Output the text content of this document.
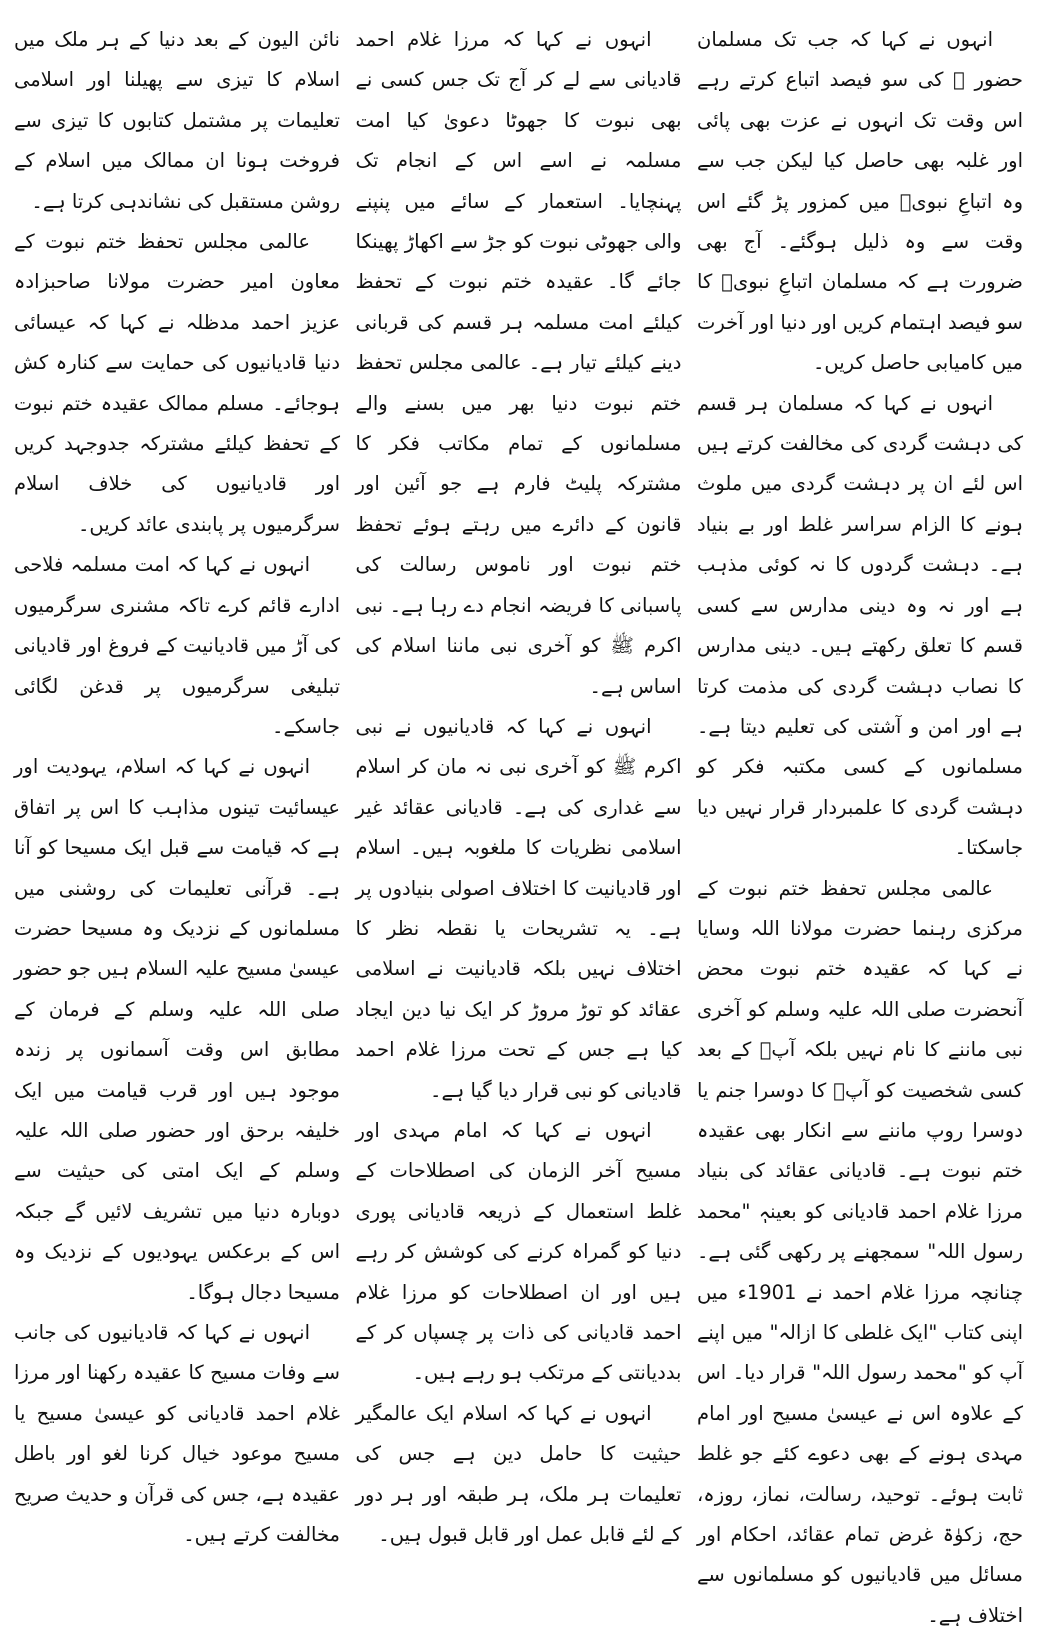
انہوں نے کہا کہ جب تک مسلمان حضور ﷺ کی سو فیصد اتباع کرتے رہے اس وقت تک انہوں نے عزت بھی پائی اور غلبہ بھی حاصل کیا لیکن جب سے وہ اتباعِ نبویؐ میں کمزور پڑ گئے اس وقت سے وہ ذلیل ہوگئے۔ آج بھی ضرورت ہے کہ مسلمان اتباعِ نبویؐ کا سو فیصد اہتمام کریں اور دنیا اور آخرت میں کامیابی حاصل کریں۔

انہوں نے کہا کہ مسلمان ہر قسم کی دہشت گردی کی مخالفت کرتے ہیں اس لئے ان پر دہشت گردی میں ملوث ہونے کا الزام سراسر غلط اور بے بنیاد ہے۔ دہشت گردوں کا نہ کوئی مذہب ہے اور نہ وہ دینی مدارس سے کسی قسم کا تعلق رکھتے ہیں۔ دینی مدارس کا نصاب دہشت گردی کی مذمت کرتا ہے اور امن و آشتی کی تعلیم دیتا ہے۔ مسلمانوں کے کسی مکتبہ فکر کو دہشت گردی کا علمبردار قرار نہیں دیا جاسکتا۔

عالمی مجلس تحفظ ختم نبوت کے مرکزی رہنما حضرت مولانا اللہ وسایا نے کہا کہ عقیدہ ختم نبوت محض آنحضرت صلی اللہ علیہ وسلم کو آخری نبی ماننے کا نام نہیں بلکہ آپؐ کے بعد کسی شخصیت کو آپؐ کا دوسرا جنم یا دوسرا روپ ماننے سے انکار بھی عقیدہ ختم نبوت ہے۔ قادیانی عقائد کی بنیاد مرزا غلام احمد قادیانی کو بعینہٖ "محمد رسول اللہ" سمجھنے پر رکھی گئی ہے۔ چنانچہ مرزا غلام احمد نے 1901ء میں اپنی کتاب "ایک غلطی کا ازالہ" میں اپنے آپ کو "محمد رسول اللہ" قرار دیا۔ اس کے علاوہ اس نے عیسیٰ مسیح اور امام مہدی ہونے کے بھی دعوے کئے جو غلط ثابت ہوئے۔ توحید، رسالت، نماز، روزہ، حج، زکوٰۃ غرض تمام عقائد، احکام اور مسائل میں قادیانیوں کو مسلمانوں سے اختلاف ہے۔

انہوں نے کہا کہ مرزا غلام احمد قادیانی سے لے کر آج تک جس کسی نے بھی نبوت کا جھوٹا دعویٰ کیا امت مسلمہ نے اسے اس کے انجام تک پہنچایا۔ استعمار کے سائے میں پنپنے والی جھوٹی نبوت کو جڑ سے اکھاڑ پھینکا جائے گا۔ عقیدہ ختم نبوت کے تحفظ کیلئے امت مسلمہ ہر قسم کی قربانی دینے کیلئے تیار ہے۔ عالمی مجلس تحفظ ختم نبوت دنیا بھر میں بسنے والے مسلمانوں کے تمام مکاتب فکر کا مشترکہ پلیٹ فارم ہے جو آئین اور قانون کے دائرے میں رہتے ہوئے تحفظ ختم نبوت اور ناموس رسالت کی پاسبانی کا فریضہ انجام دے رہا ہے۔ نبی اکرم ﷺ کو آخری نبی ماننا اسلام کی اساس ہے۔

انہوں نے کہا کہ قادیانیوں نے نبی اکرم ﷺ کو آخری نبی نہ مان کر اسلام سے غداری کی ہے۔ قادیانی عقائد غیر اسلامی نظریات کا ملغوبہ ہیں۔ اسلام اور قادیانیت کا اختلاف اصولی بنیادوں پر ہے۔ یہ تشریحات یا نقطہ نظر کا اختلاف نہیں بلکہ قادیانیت نے اسلامی عقائد کو توڑ مروڑ کر ایک نیا دین ایجاد کیا ہے جس کے تحت مرزا غلام احمد قادیانی کو نبی قرار دیا گیا ہے۔

انہوں نے کہا کہ امام مہدی اور مسیح آخر الزمان کی اصطلاحات کے غلط استعمال کے ذریعہ قادیانی پوری دنیا کو گمراہ کرنے کی کوشش کر رہے ہیں اور ان اصطلاحات کو مرزا غلام احمد قادیانی کی ذات پر چسپاں کر کے بددیانتی کے مرتکب ہو رہے ہیں۔

انہوں نے کہا کہ اسلام ایک عالمگیر حیثیت کا حامل دین ہے جس کی تعلیمات ہر ملک، ہر طبقہ اور ہر دور کے لئے قابل عمل اور قابل قبول ہیں۔

نائن الیون کے بعد دنیا کے ہر ملک میں اسلام کا تیزی سے پھیلنا اور اسلامی تعلیمات پر مشتمل کتابوں کا تیزی سے فروخت ہونا ان ممالک میں اسلام کے روشن مستقبل کی نشاندہی کرتا ہے۔

عالمی مجلس تحفظ ختم نبوت کے معاون امیر حضرت مولانا صاحبزادہ عزیز احمد مدظلہ نے کہا کہ عیسائی دنیا قادیانیوں کی حمایت سے کنارہ کش ہوجائے۔ مسلم ممالک عقیدہ ختم نبوت کے تحفظ کیلئے مشترکہ جدوجہد کریں اور قادیانیوں کی خلاف اسلام سرگرمیوں پر پابندی عائد کریں۔

انہوں نے کہا کہ امت مسلمہ فلاحی ادارے قائم کرے تاکہ مشنری سرگرمیوں کی آڑ میں قادیانیت کے فروغ اور قادیانی تبلیغی سرگرمیوں پر قدغن لگائی جاسکے۔

انہوں نے کہا کہ اسلام، یہودیت اور عیسائیت تینوں مذاہب کا اس پر اتفاق ہے کہ قیامت سے قبل ایک مسیحا کو آنا ہے۔ قرآنی تعلیمات کی روشنی میں مسلمانوں کے نزدیک وہ مسیحا حضرت عیسیٰ مسیح علیہ السلام ہیں جو حضور صلی اللہ علیہ وسلم کے فرمان کے مطابق اس وقت آسمانوں پر زندہ موجود ہیں اور قرب قیامت میں ایک خلیفہ برحق اور حضور صلی اللہ علیہ وسلم کے ایک امتی کی حیثیت سے دوبارہ دنیا میں تشریف لائیں گے جبکہ اس کے برعکس یہودیوں کے نزدیک وہ مسیحا دجال ہوگا۔

انہوں نے کہا کہ قادیانیوں کی جانب سے وفات مسیح کا عقیدہ رکھنا اور مرزا غلام احمد قادیانی کو عیسیٰ مسیح یا مسیح موعود خیال کرنا لغو اور باطل عقیدہ ہے، جس کی قرآن و حدیث صریح مخالفت کرتے ہیں۔
